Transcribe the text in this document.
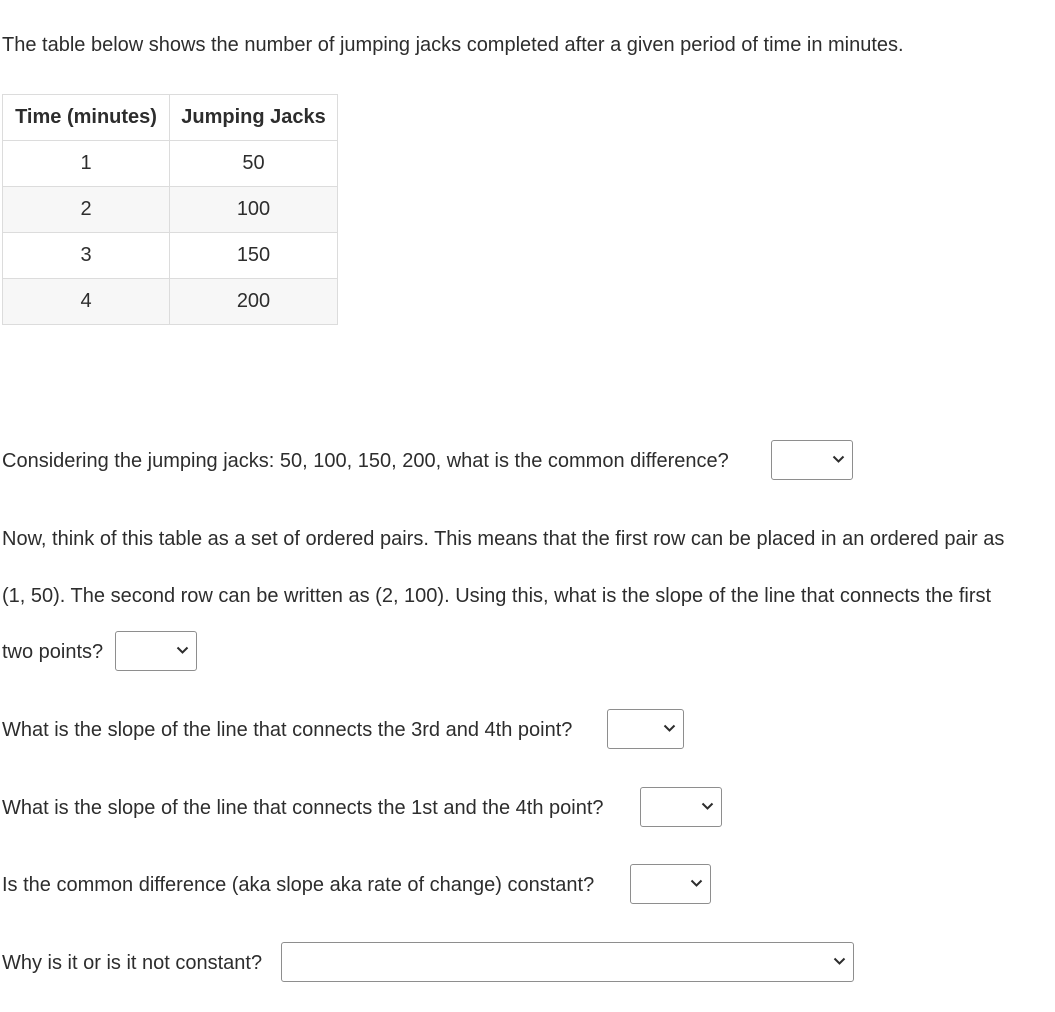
The table below shows the number of jumping jacks completed after a given period of time in minutes.
Time (minutes)	Jumping Jacks
1	50
2	100
3	150
4	200
Considering the jumping jacks: 50, 100, 150, 200, what is the common difference?
Now, think of this table as a set of ordered pairs. This means that the first row can be placed in an ordered pair as
(1, 50). The second row can be written as (2, 100). Using this, what is the slope of the line that connects the first
two points?
What is the slope of the line that connects the 3rd and 4th point?
What is the slope of the line that connects the 1st and the 4th point?
Is the common difference (aka slope aka rate of change) constant?
Why is it or is it not constant?
